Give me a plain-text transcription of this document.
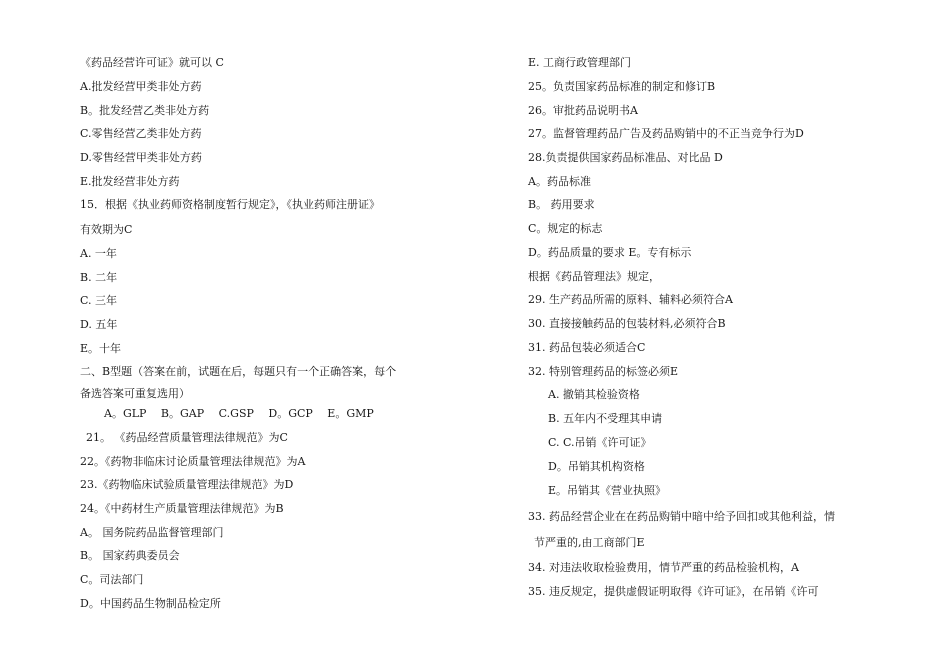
《药品经营许可证》就可以 C
A.批发经营甲类非处方药
B。批发经营乙类非处方药
C.零售经营乙类非处方药
D.零售经营甲类非处方药
E.批发经营非处方药
15．根据《执业药师资格制度暂行规定》，《执业药师注册证》
有效期为C
A. 一年
B. 二年
C. 三年
D. 五年
E。十年
二、B型题（答案在前，试题在后，每题只有一个正确答案，每个
备选答案可重复选用）
A。GLP　 B。GAP　 C.GSP　 D。GCP　 E。GMP
21。 《药品经营质量管理法律规范》为C
22。《药物非临床讨论质量管理法律规范》为A
23.《药物临床试验质量管理法律规范》为D
24。《中药材生产质量管理法律规范》为B
A。 国务院药品监督管理部门
B。 国家药典委员会
C。司法部门
D。中国药品生物制品检定所
E. 工商行政管理部门
25。负责国家药品标准的制定和修订B
26。审批药品说明书A
27。监督管理药品广告及药品购销中的不正当竞争行为D
28.负责提供国家药品标准品、对比品 D
A。药品标准
B。 药用要求
C。规定的标志
D。药品质量的要求 E。专有标示
根据《药品管理法》规定，
29. 生产药品所需的原料、辅料必须符合A
30. 直接接触药品的包装材料,必须符合B
31. 药品包装必须适合C
32. 特别管理药品的标签必须E
A. 撤销其检验资格
B. 五年内不受理其申请
C. C.吊销《许可证》
D。吊销其机构资格
E。吊销其《营业执照》
33. 药品经营企业在在药品购销中暗中给予回扣或其他利益，情
节严重的,由工商部门E
34. 对违法收取检验费用，情节严重的药品检验机构，A
35. 违反规定，提供虚假证明取得《许可证》，在吊销《许可
